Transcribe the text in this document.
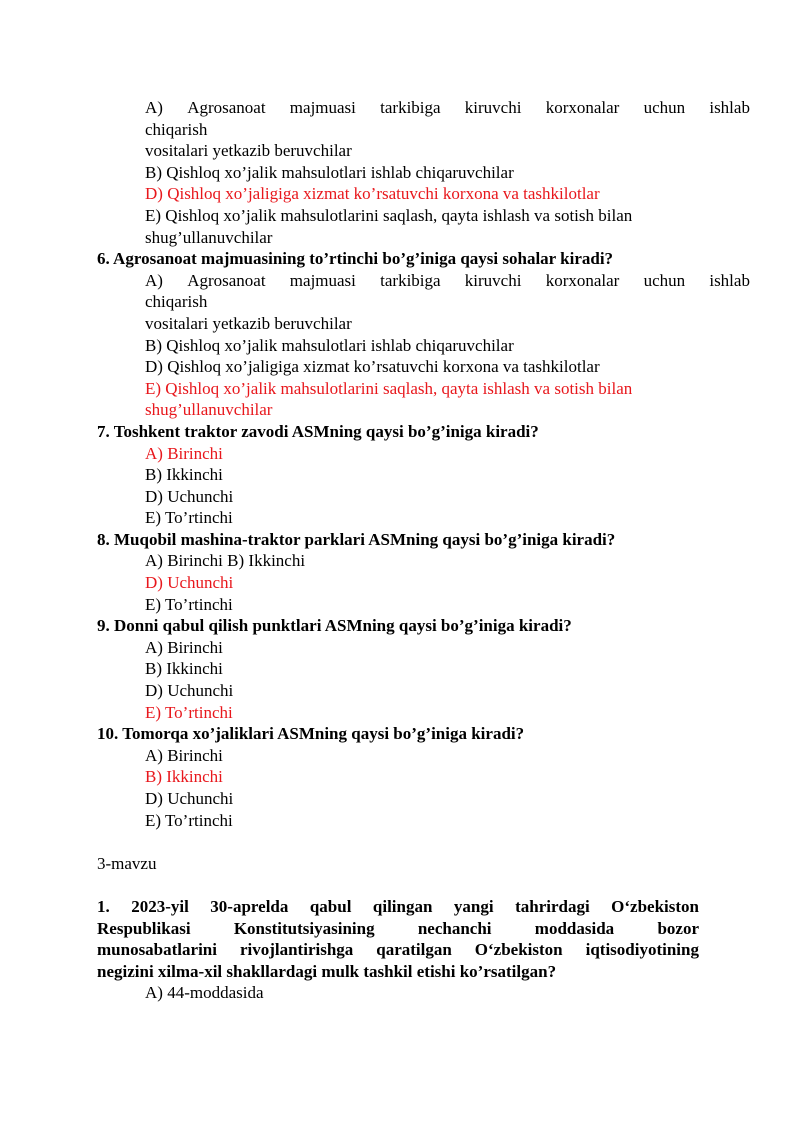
A) Agrosanoat majmuasi tarkibiga kiruvchi korxonalar uchun ishlab
chiqarish
vositalari yetkazib beruvchilar
B) Qishloq xo’jalik mahsulotlari ishlab chiqaruvchilar
D) Qishloq xo’jaligiga xizmat ko’rsatuvchi korxona va tashkilotlar
E) Qishloq xo’jalik mahsulotlarini saqlash, qayta ishlash va sotish bilan
shug’ullanuvchilar
6. Agrosanoat majmuasining to’rtinchi bo’g’iniga qaysi sohalar kiradi?
A) Agrosanoat majmuasi tarkibiga kiruvchi korxonalar uchun ishlab
chiqarish
vositalari yetkazib beruvchilar
B) Qishloq xo’jalik mahsulotlari ishlab chiqaruvchilar
D) Qishloq xo’jaligiga xizmat ko’rsatuvchi korxona va tashkilotlar
E) Qishloq xo’jalik mahsulotlarini saqlash, qayta ishlash va sotish bilan
shug’ullanuvchilar
7. Toshkent traktor zavodi ASMning qaysi bo’g’iniga kiradi?
A) Birinchi
B) Ikkinchi
D) Uchunchi
E) To’rtinchi
8. Muqobil mashina-traktor parklari ASMning qaysi bo’g’iniga kiradi?
A) Birinchi B) Ikkinchi
D) Uchunchi
E) To’rtinchi
9. Donni qabul qilish punktlari ASMning qaysi bo’g’iniga kiradi?
A) Birinchi
B) Ikkinchi
D) Uchunchi
E) To’rtinchi
10. Tomorqa xo’jaliklari ASMning qaysi bo’g’iniga kiradi?
A) Birinchi
B) Ikkinchi
D) Uchunchi
E) To’rtinchi
3-mavzu
1. 2023-yil 30-aprelda qabul qilingan yangi tahrirdagi O‘zbekiston
Respublikasi	Konstitutsiyasining	nechanchi	moddasida	bozor
munosabatlarini rivojlantirishga qaratilgan O‘zbekiston iqtisodiyotining
negizini xilma-xil shakllardagi mulk tashkil etishi ko’rsatilgan?
A) 44-moddasida
